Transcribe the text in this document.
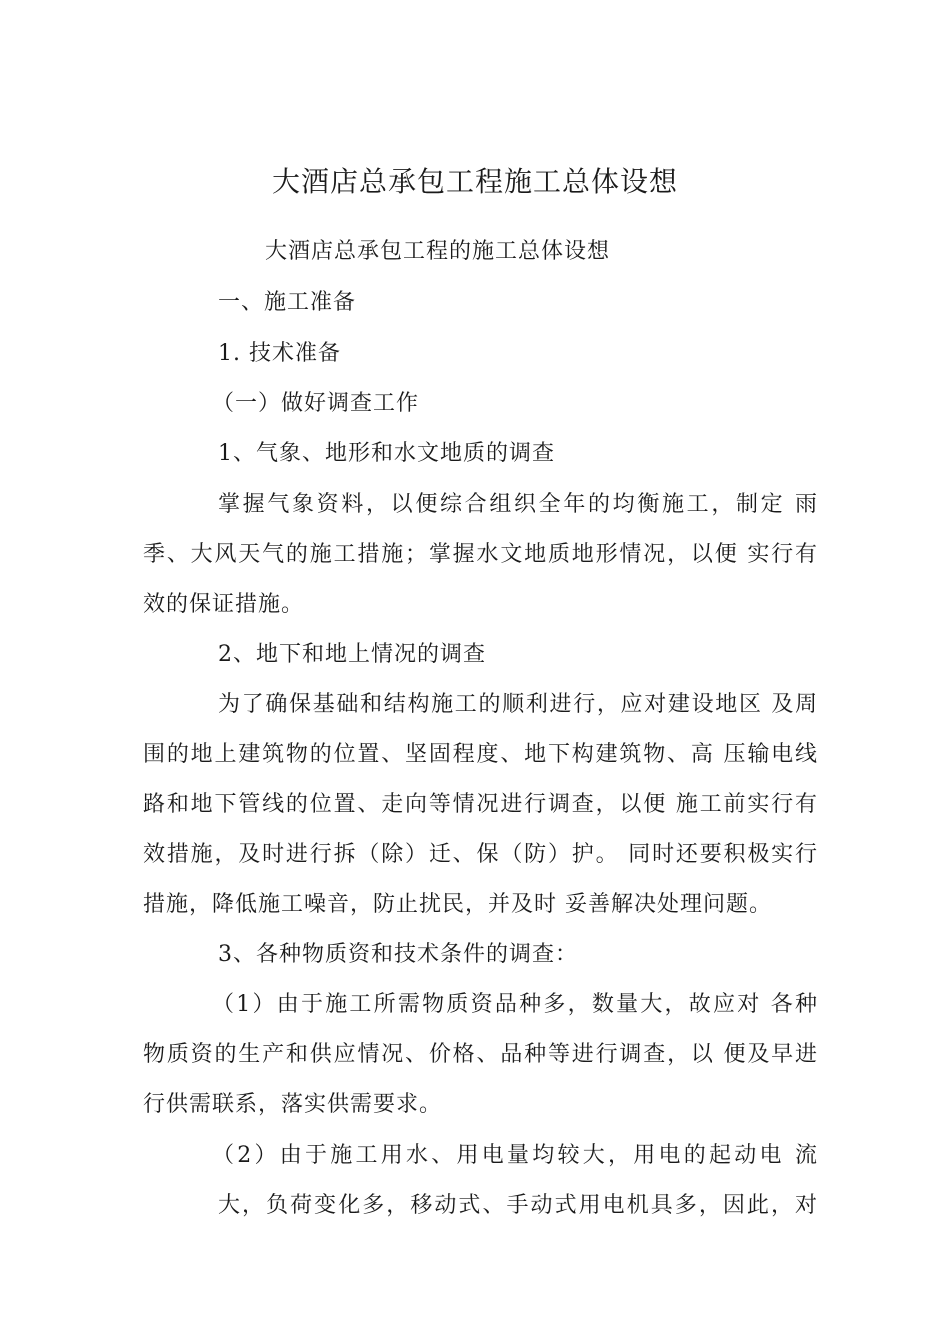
大酒店总承包工程施工总体设想
大酒店总承包工程的施工总体设想
一、施工准备
1. 技术准备
（一）做好调查工作
1、气象、地形和水文地质的调查
掌握气象资料，以便综合组织全年的均衡施工，制定 雨
季、大风天气的施工措施；掌握水文地质地形情况，以便 实行有
效的保证措施。
2、地下和地上情况的调查
为了确保基础和结构施工的顺利进行，应对建设地区 及周
围的地上建筑物的位置、坚固程度、地下构建筑物、高 压输电线
路和地下管线的位置、走向等情况进行调查，以便 施工前实行有
效措施，及时进行拆（除）迁、保（防）护。 同时还要积极实行
措施，降低施工噪音，防止扰民，并及时 妥善解决处理问题。
3、各种物质资和技术条件的调查：
（1）由于施工所需物质资品种多，数量大，故应对 各种
物质资的生产和供应情况、价格、品种等进行调查，以 便及早进
行供需联系，落实供需要求。
（2）由于施工用水、用电量均较大，用电的起动电 流
大，负荷变化多，移动式、手动式用电机具多，因此，对
